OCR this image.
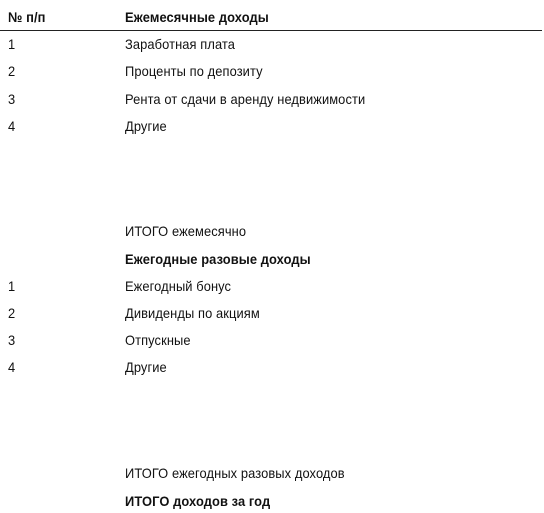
№ п/п	Ежемесячные доходы
1	Заработная плата
2	Проценты по депозиту
3	Рента от сдачи в аренду недвижимости
4	Другие
ИТОГО ежемесячно
Ежегодные разовые доходы
1	Ежегодный бонус
2	Дивиденды по акциям
3	Отпускные
4	Другие
ИТОГО ежегодных разовых доходов
ИТОГО доходов за год
